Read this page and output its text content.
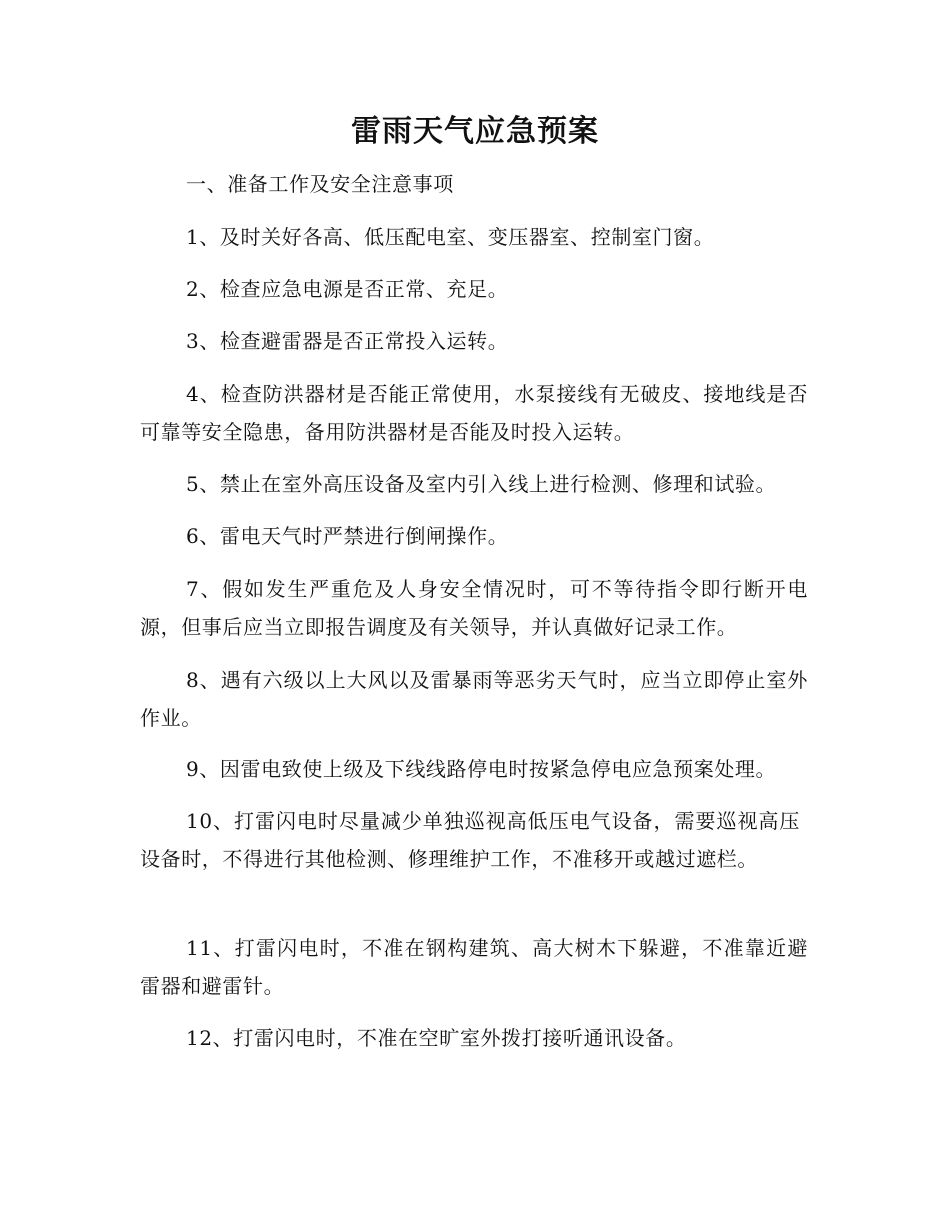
雷雨天气应急预案
一、准备工作及安全注意事项
1、及时关好各高、低压配电室、变压器室、控制室门窗。
2、检查应急电源是否正常、充足。
3、检查避雷器是否正常投入运转。
4、检查防洪器材是否能正常使用，水泵接线有无破皮、接地线是否可靠等安全隐患，备用防洪器材是否能及时投入运转。
5、禁止在室外高压设备及室内引入线上进行检测、修理和试验。
6、雷电天气时严禁进行倒闸操作。
7、假如发生严重危及人身安全情况时，可不等待指令即行断开电源，但事后应当立即报告调度及有关领导，并认真做好记录工作。
8、遇有六级以上大风以及雷暴雨等恶劣天气时，应当立即停止室外作业。
9、因雷电致使上级及下线线路停电时按紧急停电应急预案处理。
10、打雷闪电时尽量减少单独巡视高低压电气设备，需要巡视高压设备时，不得进行其他检测、修理维护工作，不准移开或越过遮栏。
11、打雷闪电时，不准在钢构建筑、高大树木下躲避，不准靠近避雷器和避雷针。
12、打雷闪电时，不准在空旷室外拨打接听通讯设备。
